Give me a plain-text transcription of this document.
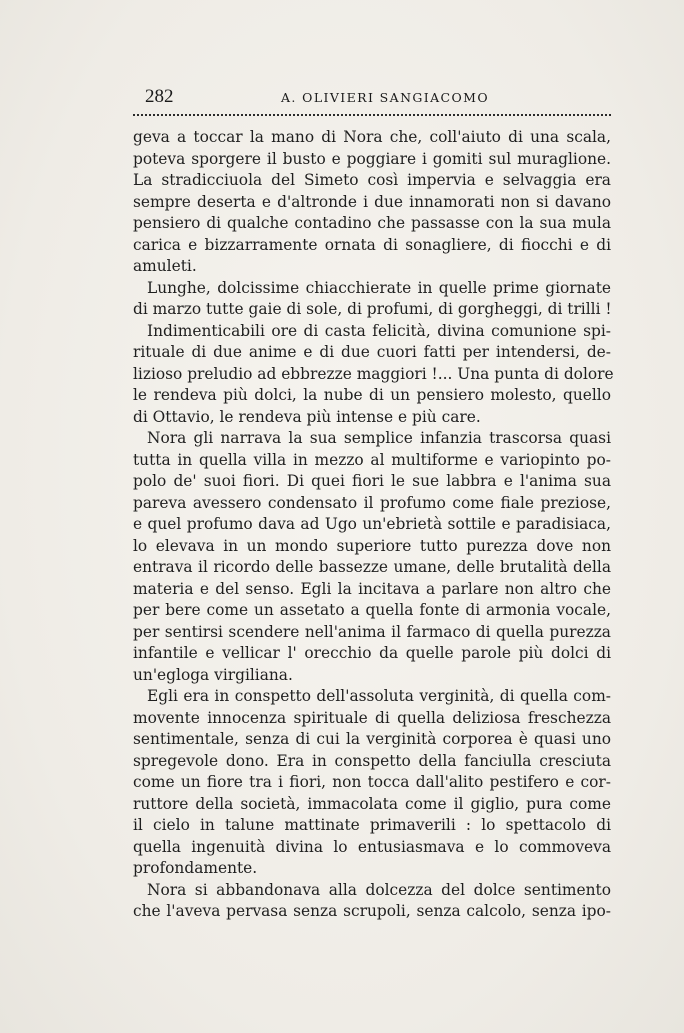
282	A. OLIVIERI SANGIACOMO
geva a toccar la mano di Nora che, coll'aiuto di una scala,
poteva sporgere il busto e poggiare i gomiti sul muraglione.
La stradicciuola del Simeto così impervia e selvaggia era
sempre deserta e d'altronde i due innamorati non si davano
pensiero di qualche contadino che passasse con la sua mula
carica e bizzarramente ornata di sonagliere, di fiocchi e di
amuleti.
Lunghe, dolcissime chiacchierate in quelle prime giornate
di marzo tutte gaie di sole, di profumi, di gorgheggi, di trilli !
Indimenticabili ore di casta felicità, divina comunione spi-
rituale di due anime e di due cuori fatti per intendersi, de-
lizioso preludio ad ebbrezze maggiori !... Una punta di dolore
le rendeva più dolci, la nube di un pensiero molesto, quello
di Ottavio, le rendeva più intense e più care.
Nora gli narrava la sua semplice infanzia trascorsa quasi
tutta in quella villa in mezzo al multiforme e variopinto po-
polo de' suoi fiori. Di quei fiori le sue labbra e l'anima sua
pareva avessero condensato il profumo come fiale preziose,
e quel profumo dava ad Ugo un'ebrietà sottile e paradisiaca,
lo elevava in un mondo superiore tutto purezza dove non
entrava il ricordo delle bassezze umane, delle brutalità della
materia e del senso. Egli la incitava a parlare non altro che
per bere come un assetato a quella fonte di armonia vocale,
per sentirsi scendere nell'anima il farmaco di quella purezza
infantile e vellicar l' orecchio da quelle parole più dolci di
un'egloga virgiliana.
Egli era in conspetto dell'assoluta verginità, di quella com-
movente innocenza spirituale di quella deliziosa freschezza
sentimentale, senza di cui la verginità corporea è quasi uno
spregevole dono. Era in conspetto della fanciulla cresciuta
come un fiore tra i fiori, non tocca dall'alito pestifero e cor-
ruttore della società, immacolata come il giglio, pura come
il cielo in talune mattinate primaverili : lo spettacolo di
quella ingenuità divina lo entusiasmava e lo commoveva
profondamente.
Nora si abbandonava alla dolcezza del dolce sentimento
che l'aveva pervasa senza scrupoli, senza calcolo, senza ipo-
